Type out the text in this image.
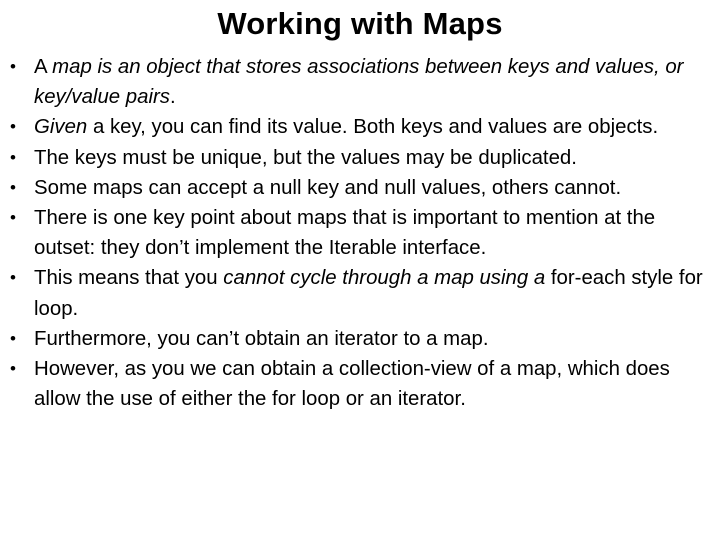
Working with Maps
• A map is an object that stores associations between keys and values, or key/value pairs.
• Given a key, you can find its value. Both keys and values are objects.
• The keys must be unique, but the values may be duplicated.
• Some maps can accept a null key and null values, others cannot.
• There is one key point about maps that is important to mention at the outset: they don’t implement the Iterable interface.
• This means that you cannot cycle through a map using a for-each style for loop.
• Furthermore, you can’t obtain an iterator to a map.
• However, as you we can obtain a collection-view of a map, which does allow the use of either the for loop or an iterator.
